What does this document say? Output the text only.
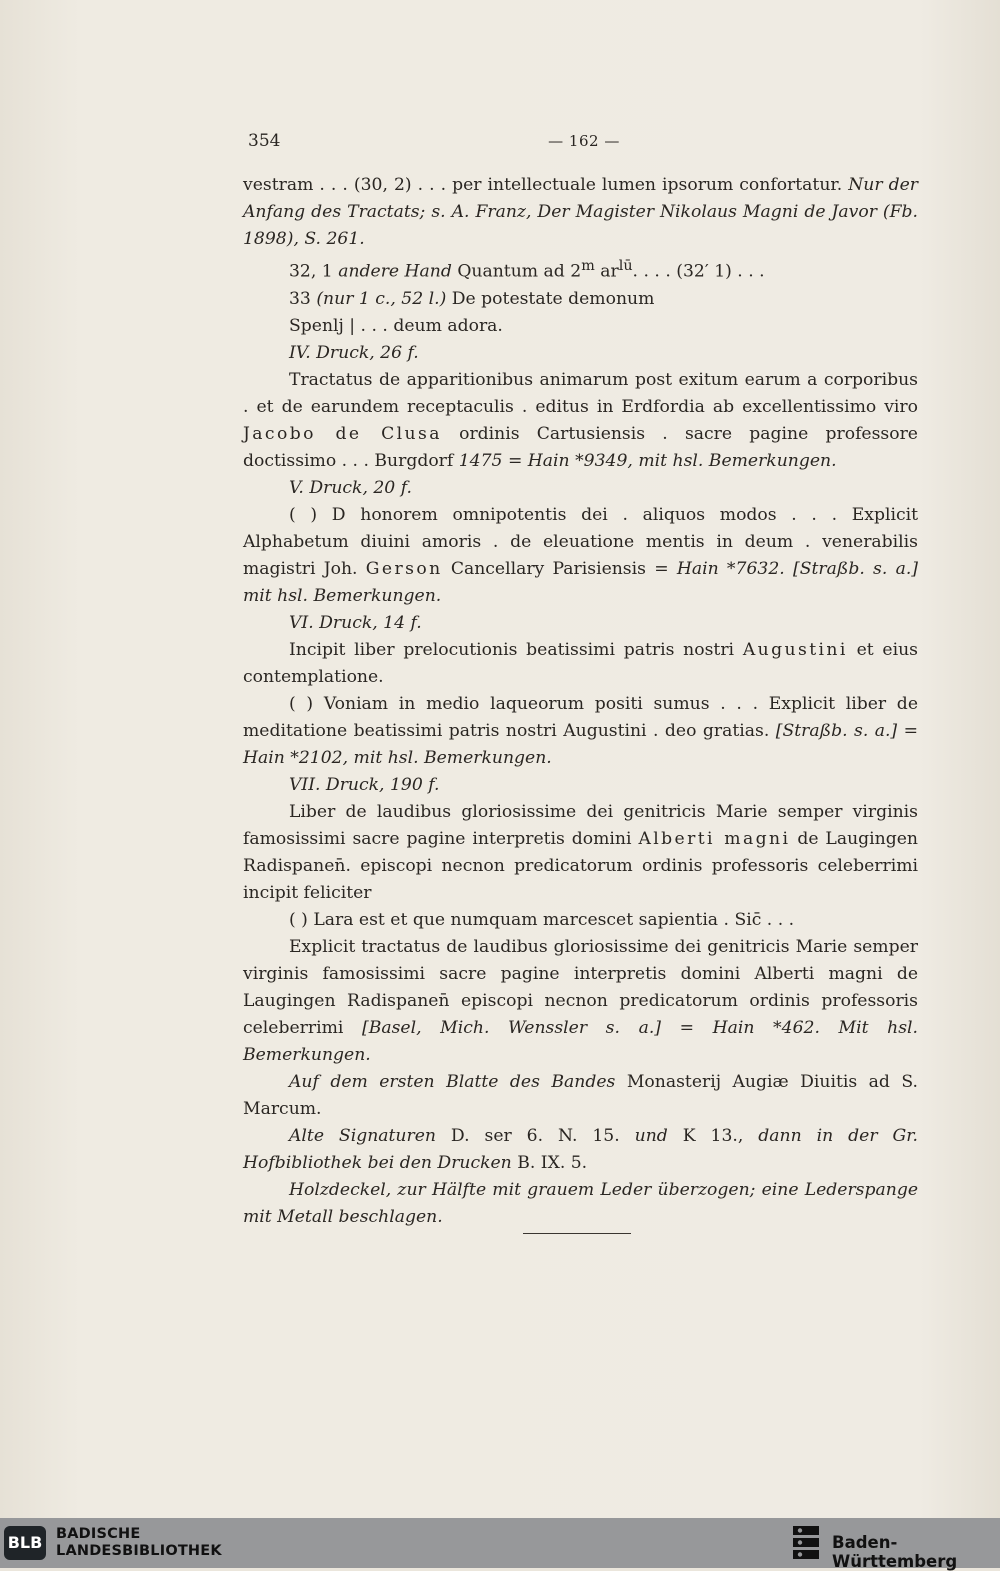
354	— 162 —

vestram . . . (30, 2) . . . per intellectuale lumen ipsorum confortatur. Nur der Anfang des Tractats; s. A. Franz, Der Magister Nikolaus Magni de Javor (Fb. 1898), S. 261.

32, 1 andere Hand Quantum ad 2$^m$ $ar^{lū}$. . . . (32′ 1) . . .

33 (nur 1 c., 52 l.) De potestate demonum

Spenlj | . . . deum adora.

IV. Druck, 26 f.

Tractatus de apparitionibus animarum post exitum earum a corporibus . et de earundem receptaculis . editus in Erdfordia ab excellentissimo viro Jacobo de Clusa ordinis Cartusiensis . sacre pagine professore doctissimo . . . Burgdorf 1475 = Hain *9349, mit hsl. Bemerkungen.

V. Druck, 20 f.

( ) D honorem omnipotentis dei . aliquos modos . . . Explicit Alphabetum diuini amoris . de eleuatione mentis in deum . venerabilis magistri Joh. Gerson Cancellary Parisiensis = Hain *7632. [Straßb. s. a.] mit hsl. Bemerkungen.

VI. Druck, 14 f.

Incipit liber prelocutionis beatissimi patris nostri Augustini et eius contemplatione.

( ) Voniam in medio laqueorum positi sumus . . . Explicit liber de meditatione beatissimi patris nostri Augustini . deo gratias. [Straßb. s. a.] = Hain *2102, mit hsl. Bemerkungen.

VII. Druck, 190 f.

Liber de laudibus gloriosissime dei genitricis Marie semper virginis famosissimi sacre pagine interpretis domini Alberti magni de Laugingen Radispanen̄. episcopi necnon predicatorum ordinis professoris celeberrimi incipit feliciter

( ) Lara est et que numquam marcescet sapientia . Sic̄ . . .

Explicit tractatus de laudibus gloriosissime dei genitricis Marie semper virginis famosissimi sacre pagine interpretis domini Alberti magni de Laugingen Radispanen̄ episcopi necnon predicatorum ordinis professoris celeberrimi [Basel, Mich. Wenssler s. a.] = Hain *462. Mit hsl. Bemerkungen.

Auf dem ersten Blatte des Bandes Monasterij Augiæ Diuitis ad S. Marcum.

Alte Signaturen D. ser 6. N. 15. und K 13., dann in der Gr. Hofbibliothek bei den Drucken B. IX. 5.

Holzdeckel, zur Hälfte mit grauem Leder überzogen; eine Lederspange mit Metall beschlagen.

BLB BADISCHE
LANDESBIBLIOTHEK	Baden-Württemberg
